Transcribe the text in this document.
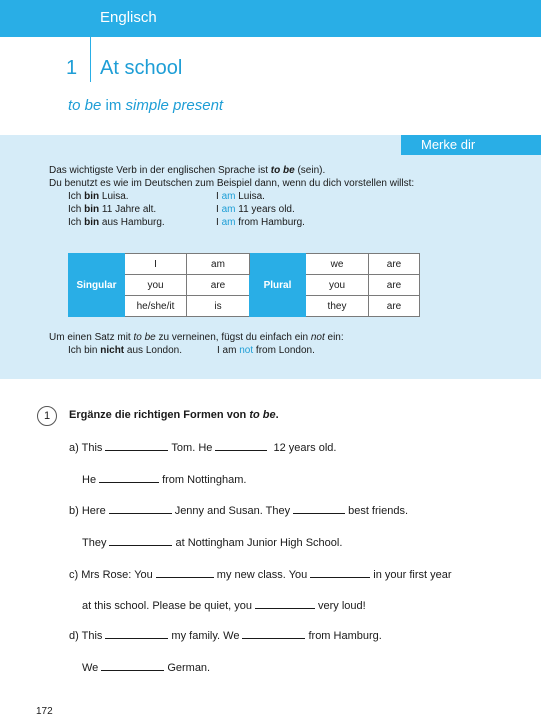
Englisch
1 At school
to be im simple present
Merke dir
Das wichtigste Verb in der englischen Sprache ist to be (sein).
Du benutzt es wie im Deutschen zum Beispiel dann, wenn du dich vorstellen willst:
Ich bin Luisa.	I am Luisa.
Ich bin 11 Jahre alt.	I am 11 years old.
Ich bin aus Hamburg.	I am from Hamburg.
Singular	I	am	Plural	we	are
	you	are		you	are
	he/she/it	is		they	are
Um einen Satz mit to be zu verneinen, fügst du einfach ein not ein:
Ich bin nicht aus London.	I am not from London.
1	Ergänze die richtigen Formen von to be.
a) This	Tom. He	12 years old.
He	from Nottingham.
b) Here	Jenny and Susan. They	best friends.
They	at Nottingham Junior High School.
c) Mrs Rose: You	my new class. You	in your first year
at this school. Please be quiet, you	very loud!
d) This	my family. We	from Hamburg.
We	German.
172
